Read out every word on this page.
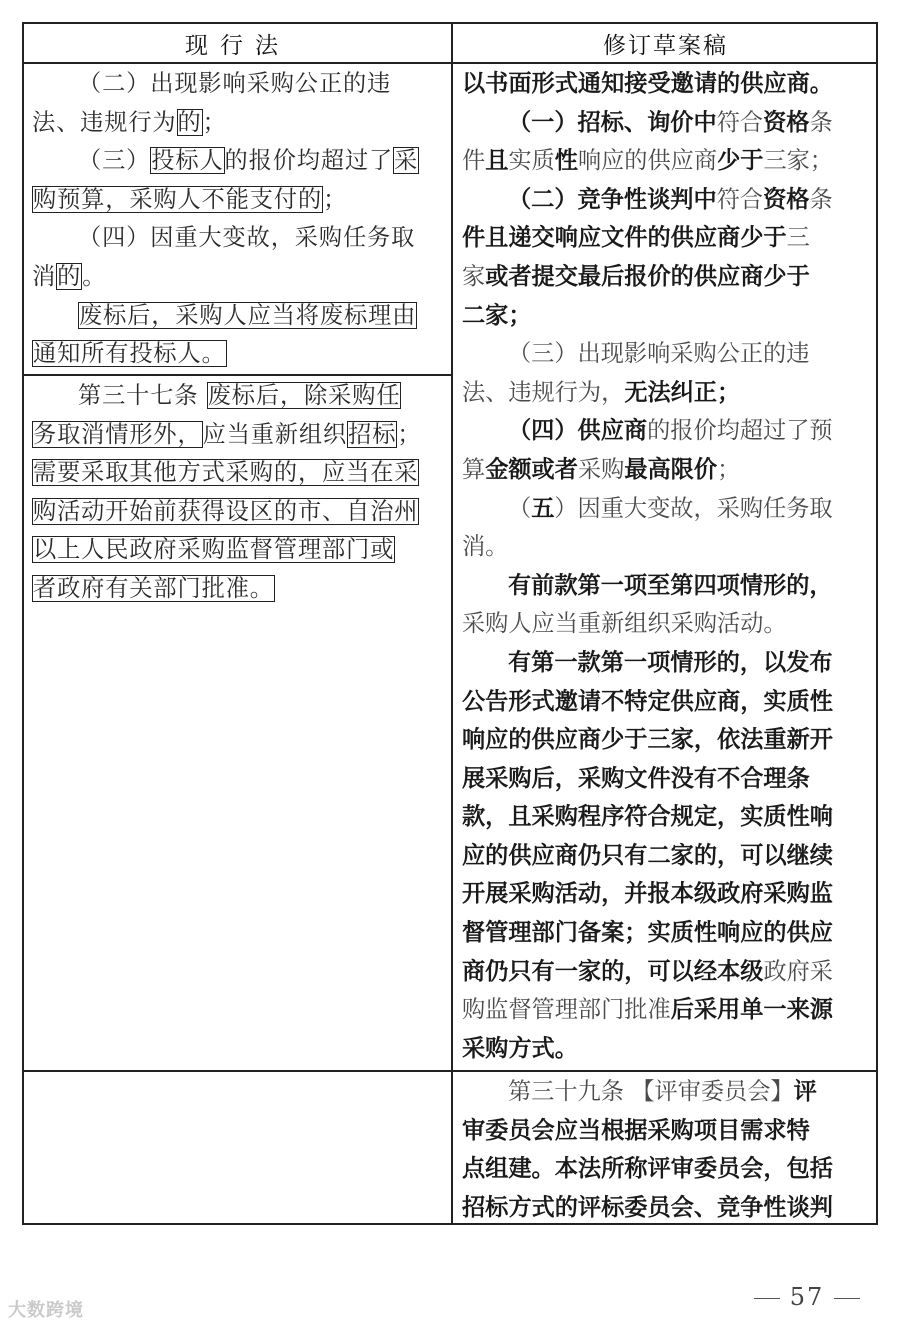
现行法	修订草案稿
（二）出现影响采购公正的违
法、违规行为的；
（三）投标人的报价均超过了采
购预算，采购人不能支付的；
（四）因重大变故，采购任务取
消的。
废标后，采购人应当将废标理由
通知所有投标人。
第三十七条 废标后，除采购任
务取消情形外，应当重新组织招标；
需要采取其他方式采购的，应当在采
购活动开始前获得设区的市、自治州
以上人民政府采购监督管理部门或
者政府有关部门批准。
以书面形式通知接受邀请的供应商。
（一）招标、询价中符合资格条
件且实质性响应的供应商少于三家；
（二）竞争性谈判中符合资格条
件且递交响应文件的供应商少于三
家或者提交最后报价的供应商少于
二家；
（三）出现影响采购公正的违
法、违规行为，无法纠正；
（四）供应商的报价均超过了预
算金额或者采购最高限价；
（五）因重大变故，采购任务取
消。
有前款第一项至第四项情形的，
采购人应当重新组织采购活动。
有第一款第一项情形的，以发布
公告形式邀请不特定供应商，实质性
响应的供应商少于三家，依法重新开
展采购后，采购文件没有不合理条
款，且采购程序符合规定，实质性响
应的供应商仍只有二家的，可以继续
开展采购活动，并报本级政府采购监
督管理部门备案；实质性响应的供应
商仍只有一家的，可以经本级政府采
购监督管理部门批准后采用单一来源
采购方式。
第三十九条 【评审委员会】评
审委员会应当根据采购项目需求特
点组建。本法所称评审委员会，包括
招标方式的评标委员会、竞争性谈判
57
大数跨境
